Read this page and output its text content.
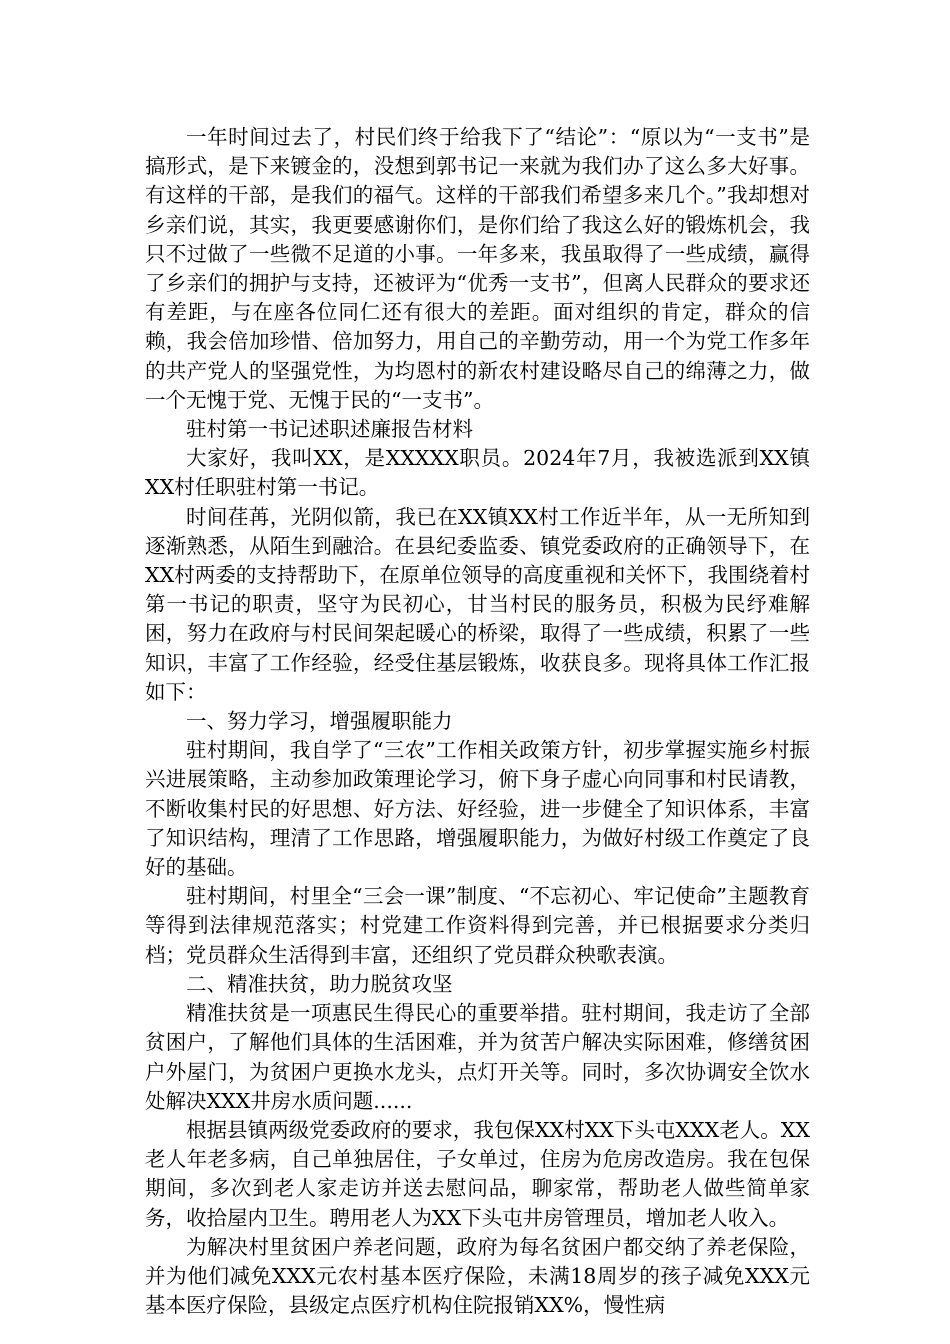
一年时间过去了，村民们终于给我下了“结论”：“原以为“一支书”是搞形式，是下来镀金的，没想到郭书记一来就为我们办了这么多大好事。有这样的干部，是我们的福气。这样的干部我们希望多来几个。”我却想对乡亲们说，其实，我更要感谢你们，是你们给了我这么好的锻炼机会，我只不过做了一些微不足道的小事。一年多来，我虽取得了一些成绩，赢得了乡亲们的拥护与支持，还被评为“优秀一支书”，但离人民群众的要求还有差距，与在座各位同仁还有很大的差距。面对组织的肯定，群众的信赖，我会倍加珍惜、倍加努力，用自己的辛勤劳动，用一个为党工作多年的共产党人的坚强党性，为均恩村的新农村建设略尽自己的绵薄之力，做一个无愧于党、无愧于民的“一支书”。

驻村第一书记述职述廉报告材料

大家好，我叫XX，是XXXXX职员。2024年7月，我被选派到XX镇XX村任职驻村第一书记。

时间荏苒，光阴似箭，我已在XX镇XX村工作近半年，从一无所知到逐渐熟悉，从陌生到融洽。在县纪委监委、镇党委政府的正确领导下，在XX村两委的支持帮助下，在原单位领导的高度重视和关怀下，我围绕着村第一书记的职责，坚守为民初心，甘当村民的服务员，积极为民纾难解困，努力在政府与村民间架起暖心的桥梁，取得了一些成绩，积累了一些知识，丰富了工作经验，经受住基层锻炼，收获良多。现将具体工作汇报如下：

一、努力学习，增强履职能力

驻村期间，我自学了“三农”工作相关政策方针，初步掌握实施乡村振兴进展策略，主动参加政策理论学习，俯下身子虚心向同事和村民请教，不断收集村民的好思想、好方法、好经验，进一步健全了知识体系，丰富了知识结构，理清了工作思路，增强履职能力，为做好村级工作奠定了良好的基础。

驻村期间，村里全“三会一课”制度、“不忘初心、牢记使命”主题教育等得到法律规范落实；村党建工作资料得到完善，并已根据要求分类归档；党员群众生活得到丰富，还组织了党员群众秧歌表演。

二、精准扶贫，助力脱贫攻坚

精准扶贫是一项惠民生得民心的重要举措。驻村期间，我走访了全部贫困户，了解他们具体的生活困难，并为贫苦户解决实际困难，修缮贫困户外屋门，为贫困户更换水龙头，点灯开关等。同时，多次协调安全饮水处解决XXX井房水质问题......

根据县镇两级党委政府的要求，我包保XX村XX下头屯XXX老人。XX老人年老多病，自己单独居住，子女单过，住房为危房改造房。我在包保期间，多次到老人家走访并送去慰问品，聊家常，帮助老人做些简单家务，收拾屋内卫生。聘用老人为XX下头屯井房管理员，增加老人收入。

为解决村里贫困户养老问题，政府为每名贫困户都交纳了养老保险，并为他们减免XXX元农村基本医疗保险，未满18周岁的孩子减免XXX元基本医疗保险，县级定点医疗机构住院报销XX%，慢性病
